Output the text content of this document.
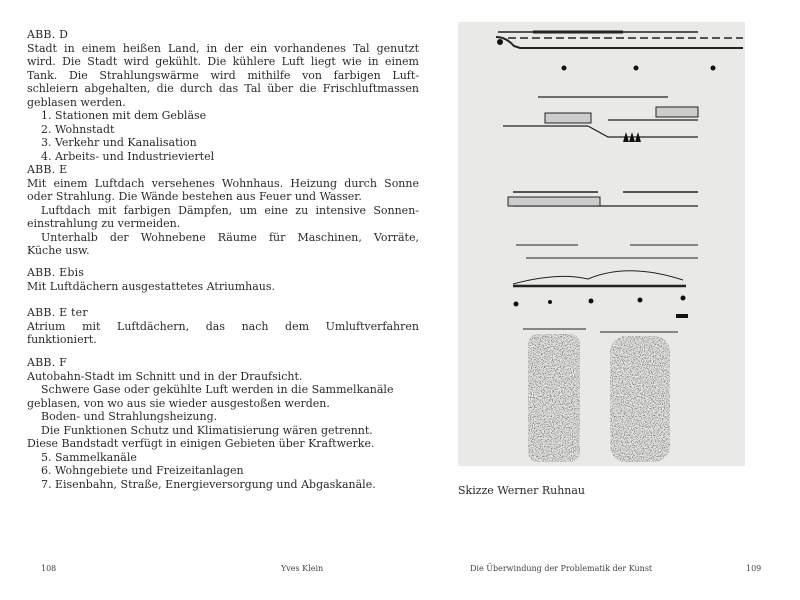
ABB. D
Stadt in einem heißen Land, in der ein vorhandenes Tal genutzt
wird. Die Stadt wird gekühlt. Die kühlere Luft liegt wie in einem
Tank. Die Strahlungswärme wird mithilfe von farbigen Luft-
schleiern abgehalten, die durch das Tal über die Frischluftmassen
geblasen werden.
1. Stationen mit dem Gebläse
2. Wohnstadt
3. Verkehr und Kanalisation
4. Arbeits- und Industrieviertel
ABB. E
Mit einem Luftdach versehenes Wohnhaus. Heizung durch Sonne
oder Strahlung. Die Wände bestehen aus Feuer und Wasser.
Luftdach mit farbigen Dämpfen, um eine zu intensive Sonnen-
einstrahlung zu vermeiden.
Unterhalb der Wohnebene Räume für Maschinen, Vorräte,
Küche usw.
ABB. Ebis
Mit Luftdächern ausgestattetes Atriumhaus.
ABB. E ter
Atrium mit Luftdächern, das nach dem Umluftverfahren
funktioniert.
ABB. F
Autobahn-Stadt im Schnitt und in der Draufsicht.
Schwere Gase oder gekühlte Luft werden in die Sammelkanäle
geblasen, von wo aus sie wieder ausgestoßen werden.
Boden- und Strahlungsheizung.
Die Funktionen Schutz und Klimatisierung wären getrennt.
Diese Bandstadt verfügt in einigen Gebieten über Kraftwerke.
5. Sammelkanäle
6. Wohngebiete und Freizeitanlagen
7. Eisenbahn, Straße, Energieversorgung und Abgaskanäle.	Skizze Werner Ruhnau
108	Yves Klein	Die Überwindung der Problematik der Kunst	109
